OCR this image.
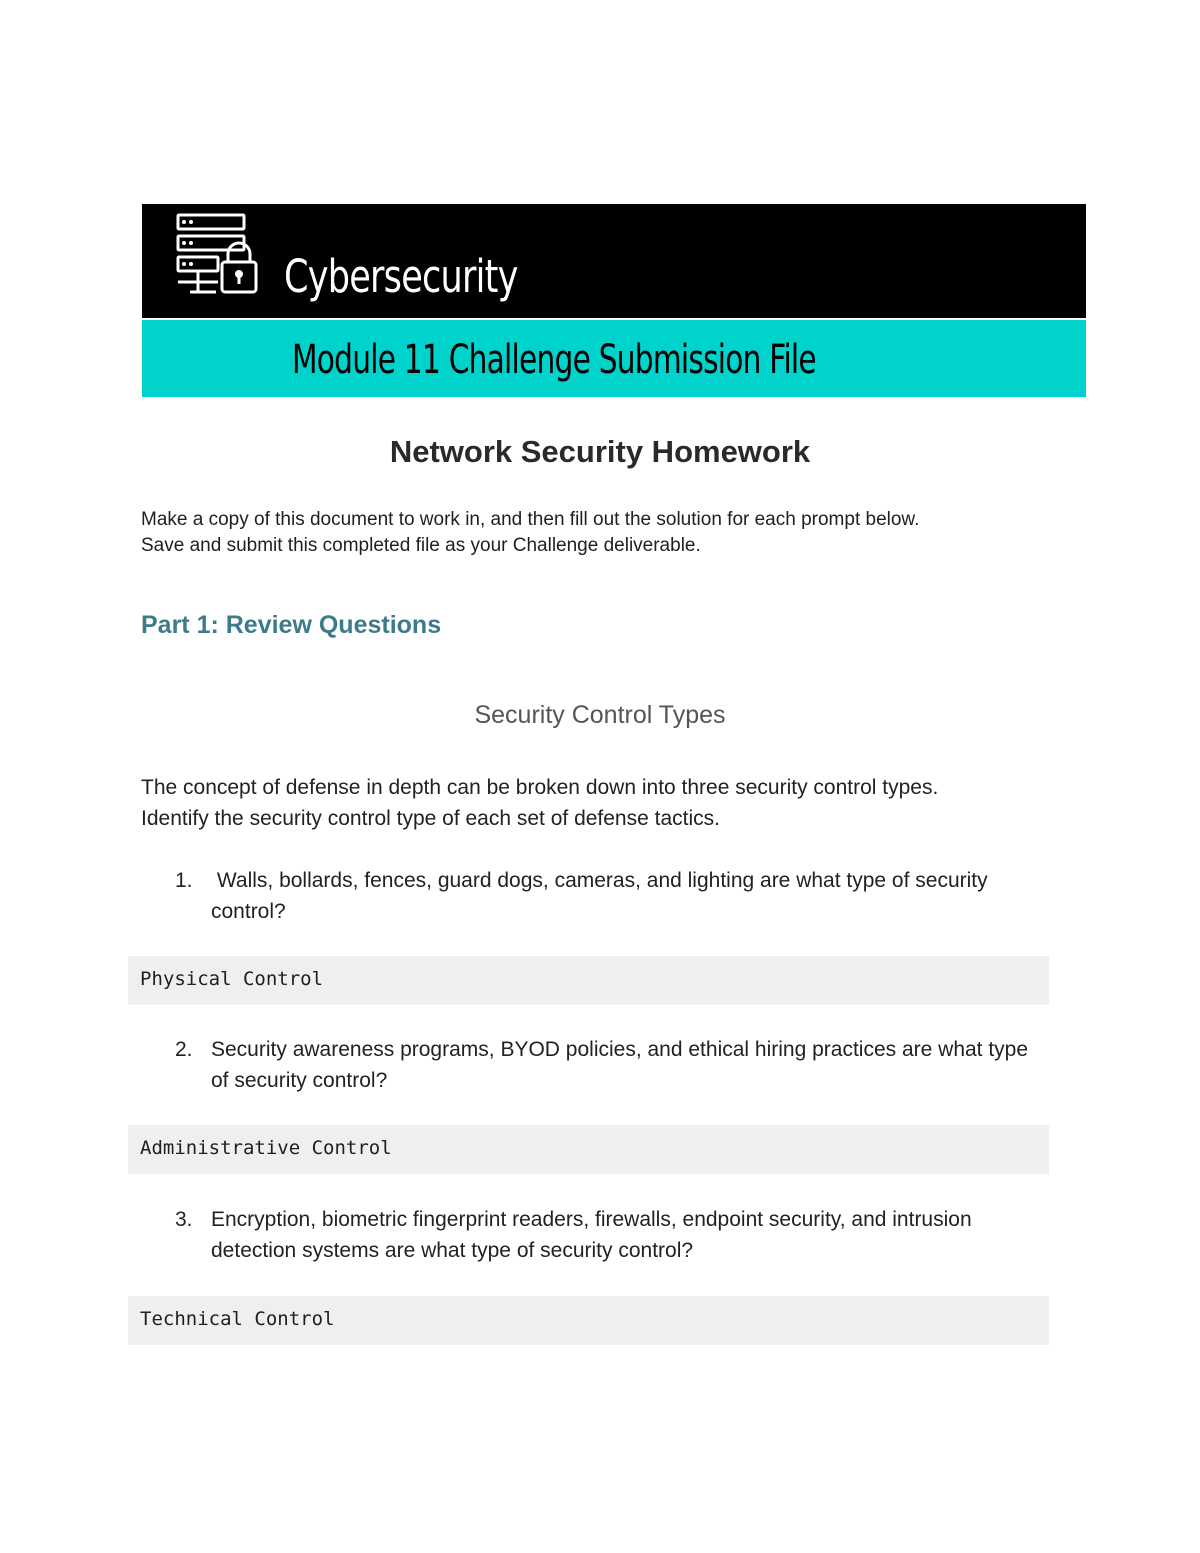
Cybersecurity
Module 11 Challenge Submission File
Network Security Homework

Make a copy of this document to work in, and then fill out the solution for each prompt below.

Save and submit this completed file as your Challenge deliverable.

Part 1: Review Questions
Security Control Types

The concept of defense in depth can be broken down into three security control types.

Identify the security control type of each set of defense tactics.

1. Walls, bollards, fences, guard dogs, cameras, and lighting are what type of security control?
Physical Control
2. Security awareness programs, BYOD policies, and ethical hiring practices are what type of security control?
Administrative Control
3. Encryption, biometric fingerprint readers, firewalls, endpoint security, and intrusion detection systems are what type of security control?
Technical Control
